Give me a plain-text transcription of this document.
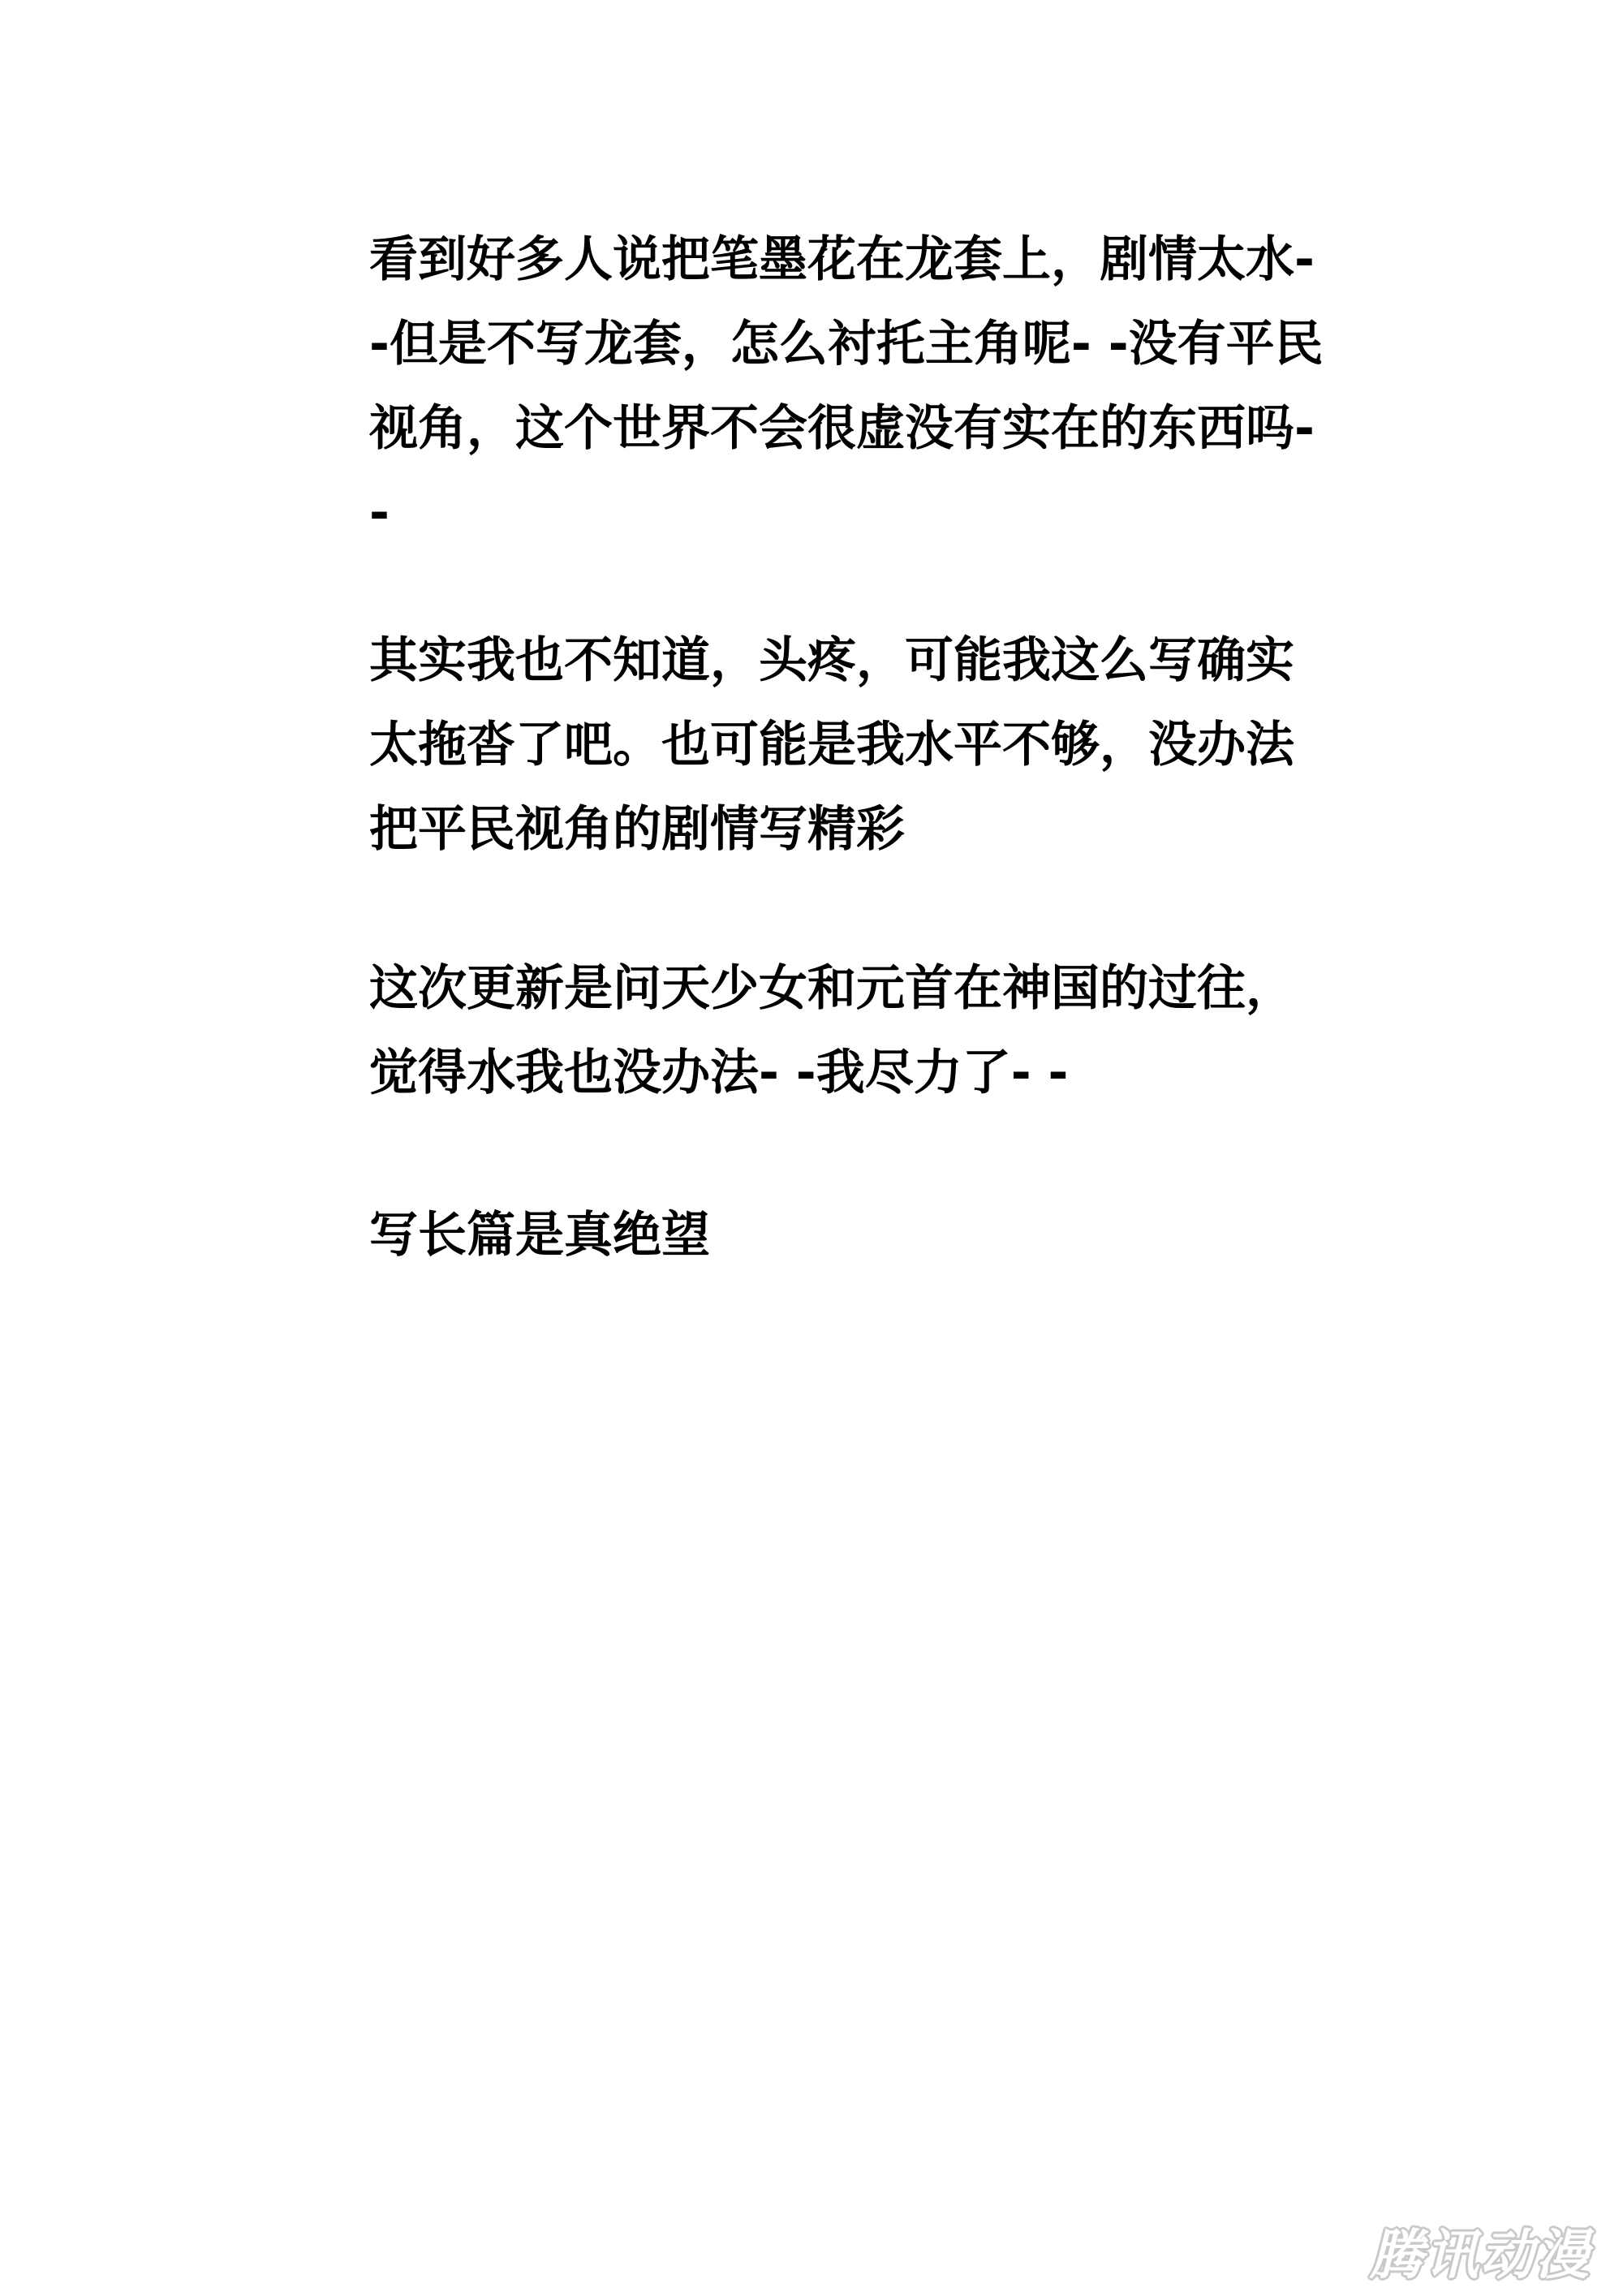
看到好多人说把笔墨花在龙套上，剧情太水-
-但是不写龙套，怎么衬托主角呢- -没有平民
视角，这个世界不会很虚没有实在的东西吗-
-
其实我也不知道，头疼，可能我这么写确实
太拖沓了吧。也可能是我水平不够，没办法
把平民视角的剧情写精彩
这次更新是问天少女和元首在神国的过往，
觉得水我也没办法- -我尽力了- -
写长篇是真绝望
腾讯动漫
